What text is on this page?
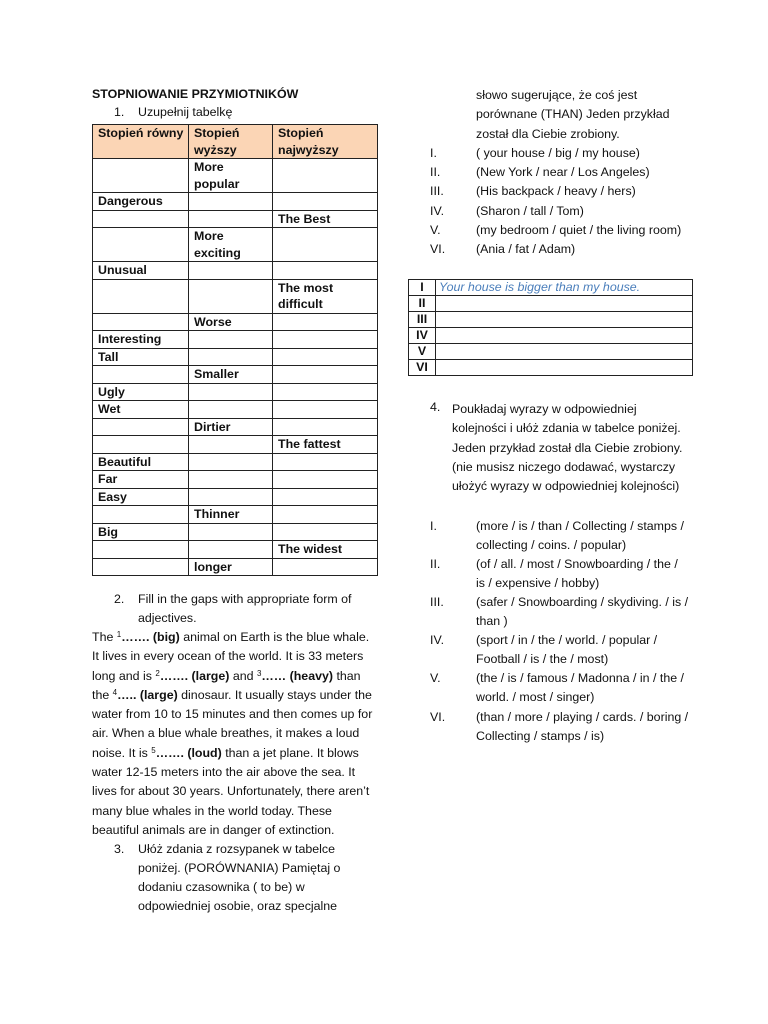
STOPNIOWANIE PRZYMIOTNIKÓW

1. Uzupełnij tabelkę
Stopień równy	Stopień wyższy	Stopień najwyższy
	More popular	
Dangerous		
		The Best
	More exciting	
Unusual		
		The most difficult
	Worse	
Interesting		
Tall		
	Smaller	
Ugly		
Wet		
	Dirtier	
		The fattest
Beautiful		
Far		
Easy		
	Thinner	
Big		
		The widest
	longer	
2. Fill in the gaps with appropriate form of adjectives.

The $^1$……. (big) animal on Earth is the blue whale. It lives in every ocean of the world. It is 33 meters long and is $^2$……. (large) and $^3$…… (heavy) than the $^4$….. (large) dinosaur. It usually stays under the water from 10 to 15 minutes and then comes up for air. When a blue whale breathes, it makes a loud noise. It is $^5$……. (loud) than a jet plane. It blows water 12-15 meters into the air above the sea. It lives for about 30 years. Unfortunately, there aren’t many blue whales in the world today. These beautiful animals are in danger of extinction.

3. Ułóż zdania z rozsypanek w tabelce poniżej. (PORÓWNANIA) Pamiętaj o dodaniu czasownika ( to be) w odpowiedniej osobie, oraz specjalne

słowo sugerujące, że coś jest porównane (THAN) Jeden przykład został dla Ciebie zrobiony.

I.	( your house / big / my house)
II.	(New York / near / Los Angeles)
III.	(His backpack / heavy / hers)
IV.	(Sharon / tall / Tom)
V.	(my bedroom / quiet / the living room)
VI. (Ania / fat / Adam)
I	Your house is bigger than my house.
II	
III	
IV	
V	
VI	
4. Poukładaj wyrazy w odpowiedniej kolejności i ułóż zdania w tabelce poniżej. Jeden przykład został dla Ciebie zrobiony. (nie musisz niczego dodawać, wystarczy ułożyć wyrazy w odpowiedniej kolejności)
I.	(more / is / than / Collecting / stamps / collecting / coins. / popular)
II.	(of / all. / most / Snowboarding / the / is / expensive / hobby)
III.	(safer / Snowboarding / skydiving. / is / than )
IV.	(sport / in / the / world. / popular / Football / is / the / most)
V.	(the / is / famous / Madonna / in / the / world. / most / singer)
VI. (than / more / playing / cards. / boring / Collecting / stamps / is)
